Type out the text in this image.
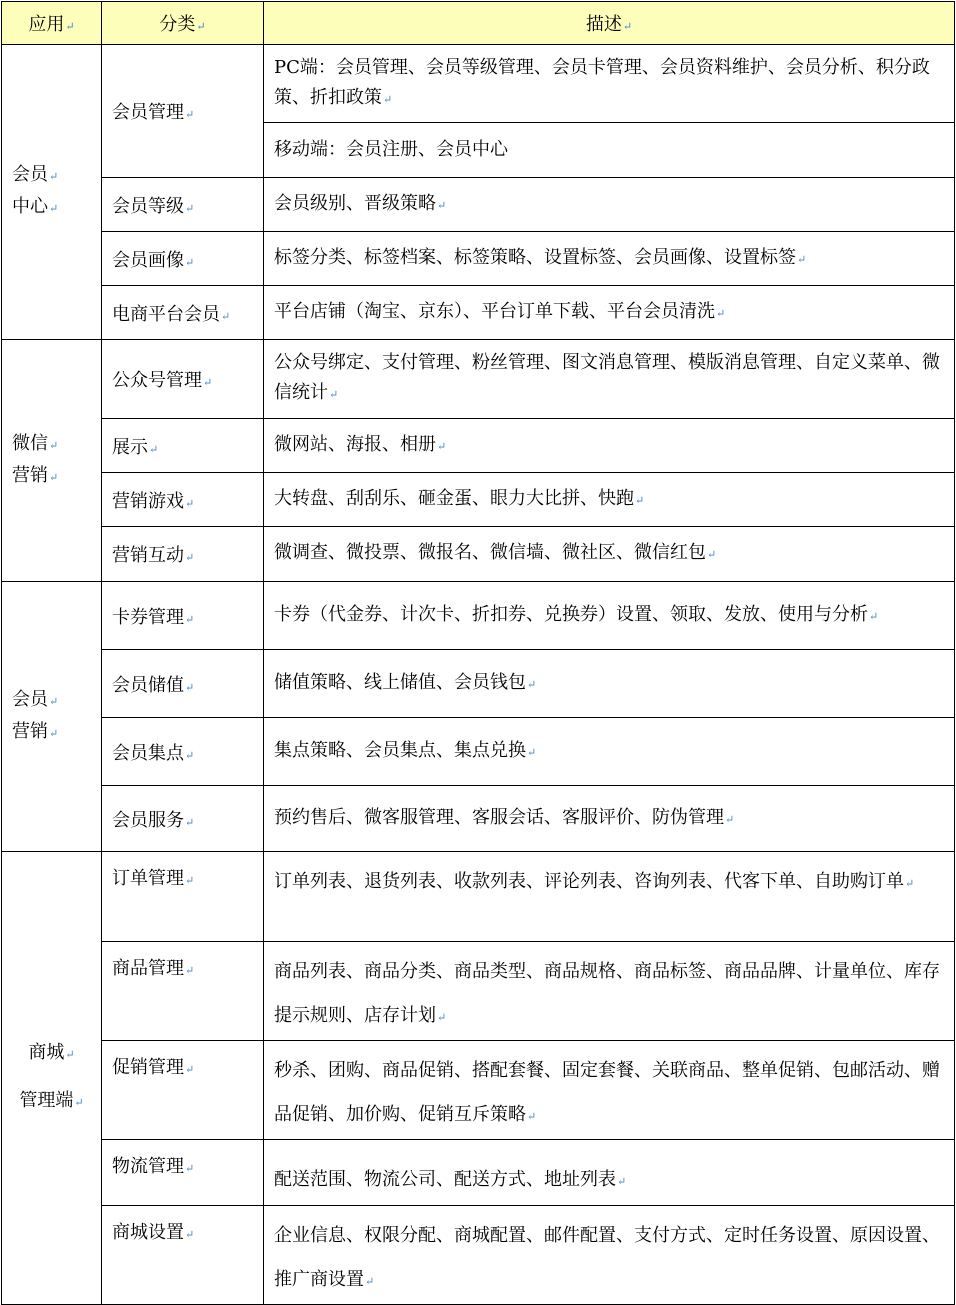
应用↵	分类↵	描述↵

会员↵
中心↵	会员管理↵	PC端：会员管理、会员等级管理、会员卡管理、会员资料维护、会员分析、积分政策、折扣政策↵
		移动端：会员注册、会员中心
	会员等级↵	会员级别、晋级策略↵
	会员画像↵	标签分类、标签档案、标签策略、设置标签、会员画像、设置标签↵
	电商平台会员↵	平台店铺（淘宝、京东）、平台订单下载、平台会员清洗↵

微信↵
营销↵	公众号管理↵	公众号绑定、支付管理、粉丝管理、图文消息管理、模版消息管理、自定义菜单、微信统计↵
	展示↵	微网站、海报、相册↵
	营销游戏↵	大转盘、刮刮乐、砸金蛋、眼力大比拼、快跑↵
	营销互动↵	微调查、微投票、微报名、微信墙、微社区、微信红包↵

会员↵
营销↵	卡券管理↵	卡券（代金券、计次卡、折扣券、兑换券）设置、领取、发放、使用与分析↵
	会员储值↵	储值策略、线上储值、会员钱包↵
	会员集点↵	集点策略、会员集点、集点兑换↵
	会员服务↵	预约售后、微客服管理、客服会话、客服评价、防伪管理↵

商城↵
管理端↵	订单管理↵	订单列表、退货列表、收款列表、评论列表、咨询列表、代客下单、自助购订单↵
	商品管理↵	商品列表、商品分类、商品类型、商品规格、商品标签、商品品牌、计量单位、库存提示规则、店存计划↵
	促销管理↵	秒杀、团购、商品促销、搭配套餐、固定套餐、关联商品、整单促销、包邮活动、赠品促销、加价购、促销互斥策略↵
	物流管理↵	配送范围、物流公司、配送方式、地址列表↵
	商城设置↵	企业信息、权限分配、商城配置、邮件配置、支付方式、定时任务设置、原因设置、推广商设置↵
